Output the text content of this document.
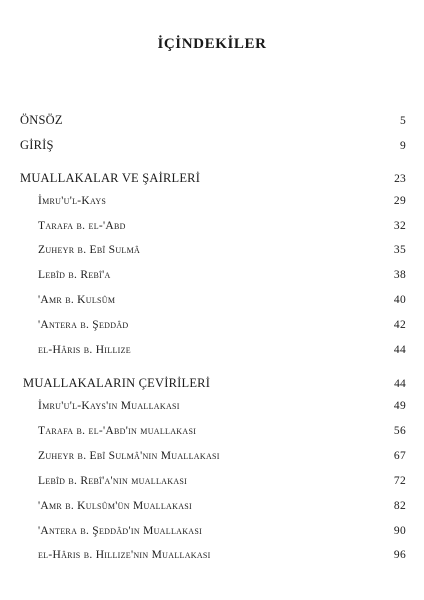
İÇİNDEKİLER
ÖNSÖZ	5
GİRİŞ	9
MUALLAKALAR VE ŞAİRLERİ	23
İmru'u'l-Kays	29
Tarafa b. el-'Abd	32
Zuheyr b. Ebî Sulmâ	35
Lebîd b. Rebî'a	38
'Amr b. Kulsûm	40
'Antera b. Şeddâd	42
el-Hâris b. Hillize	44
MUALLAKALARIN ÇEVİRİLERİ	44
İmru'u'l-Kays'ın Muallakası	49
Tarafa b. el-'Abd'ın muallakası	56
Zuheyr b. Ebî Sulmâ'nın Muallakası	67
Lebîd b. Rebî'a'nın muallakası	72
'Amr b. Kulsûm'ün Muallakası	82
'Antera b. Şeddâd'ın Muallakası	90
el-Hâris b. Hillize'nin Muallakası	96
